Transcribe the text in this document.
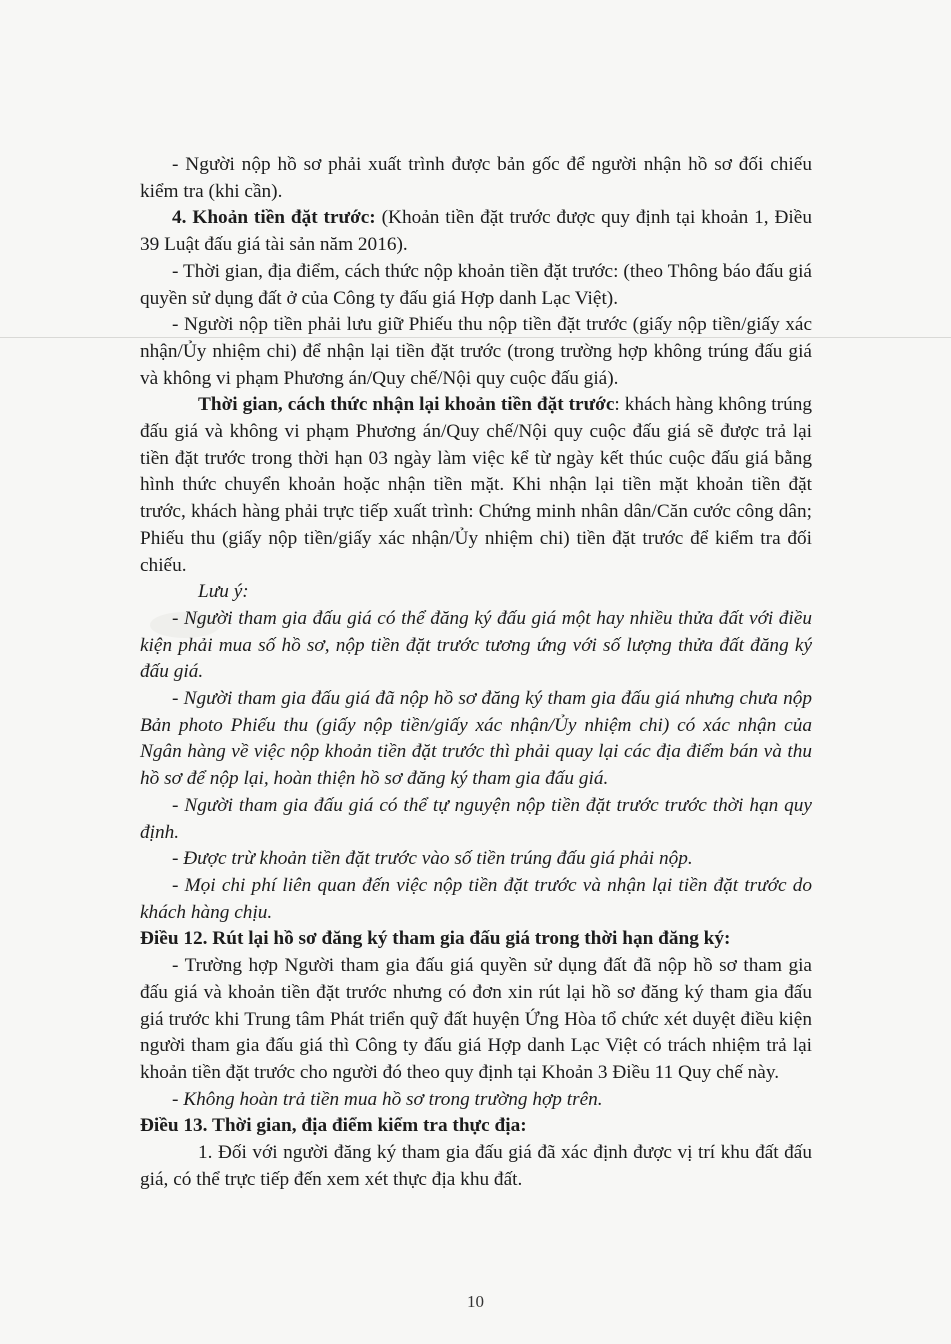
- Người nộp hồ sơ phải xuất trình được bản gốc để người nhận hồ sơ đối chiếu kiểm tra (khi cần).

4. Khoản tiền đặt trước: (Khoản tiền đặt trước được quy định tại khoản 1, Điều 39 Luật đấu giá tài sản năm 2016).

- Thời gian, địa điểm, cách thức nộp khoản tiền đặt trước: (theo Thông báo đấu giá quyền sử dụng đất ở của Công ty đấu giá Hợp danh Lạc Việt).

- Người nộp tiền phải lưu giữ Phiếu thu nộp tiền đặt trước (giấy nộp tiền/giấy xác nhận/Ủy nhiệm chi) để nhận lại tiền đặt trước (trong trường hợp không trúng đấu giá và không vi phạm Phương án/Quy chế/Nội quy cuộc đấu giá).

Thời gian, cách thức nhận lại khoản tiền đặt trước: khách hàng không trúng đấu giá và không vi phạm Phương án/Quy chế/Nội quy cuộc đấu giá sẽ được trả lại tiền đặt trước trong thời hạn 03 ngày làm việc kể từ ngày kết thúc cuộc đấu giá bằng hình thức chuyển khoản hoặc nhận tiền mặt. Khi nhận lại tiền mặt khoản tiền đặt trước, khách hàng phải trực tiếp xuất trình: Chứng minh nhân dân/Căn cước công dân; Phiếu thu (giấy nộp tiền/giấy xác nhận/Ủy nhiệm chi) tiền đặt trước để kiểm tra đối chiếu.

Lưu ý:

- Người tham gia đấu giá có thể đăng ký đấu giá một hay nhiều thửa đất với điều kiện phải mua số hồ sơ, nộp tiền đặt trước tương ứng với số lượng thửa đất đăng ký đấu giá.

- Người tham gia đấu giá đã nộp hồ sơ đăng ký tham gia đấu giá nhưng chưa nộp Bản photo Phiếu thu (giấy nộp tiền/giấy xác nhận/Ủy nhiệm chi) có xác nhận của Ngân hàng về việc nộp khoản tiền đặt trước thì phải quay lại các địa điểm bán và thu hồ sơ để nộp lại, hoàn thiện hồ sơ đăng ký tham gia đấu giá.

- Người tham gia đấu giá có thể tự nguyện nộp tiền đặt trước trước thời hạn quy định.

- Được trừ khoản tiền đặt trước vào số tiền trúng đấu giá phải nộp.

- Mọi chi phí liên quan đến việc nộp tiền đặt trước và nhận lại tiền đặt trước do khách hàng chịu.

Điều 12. Rút lại hồ sơ đăng ký tham gia đấu giá trong thời hạn đăng ký:

- Trường hợp Người tham gia đấu giá quyền sử dụng đất đã nộp hồ sơ tham gia đấu giá và khoản tiền đặt trước nhưng có đơn xin rút lại hồ sơ đăng ký tham gia đấu giá trước khi Trung tâm Phát triển quỹ đất huyện Ứng Hòa tổ chức xét duyệt điều kiện người tham gia đấu giá thì Công ty đấu giá Hợp danh Lạc Việt có trách nhiệm trả lại khoản tiền đặt trước cho người đó theo quy định tại Khoản 3 Điều 11 Quy chế này.

- Không hoàn trả tiền mua hồ sơ trong trường hợp trên.

Điều 13. Thời gian, địa điểm kiểm tra thực địa:

1. Đối với người đăng ký tham gia đấu giá đã xác định được vị trí khu đất đấu giá, có thể trực tiếp đến xem xét thực địa khu đất.

10
